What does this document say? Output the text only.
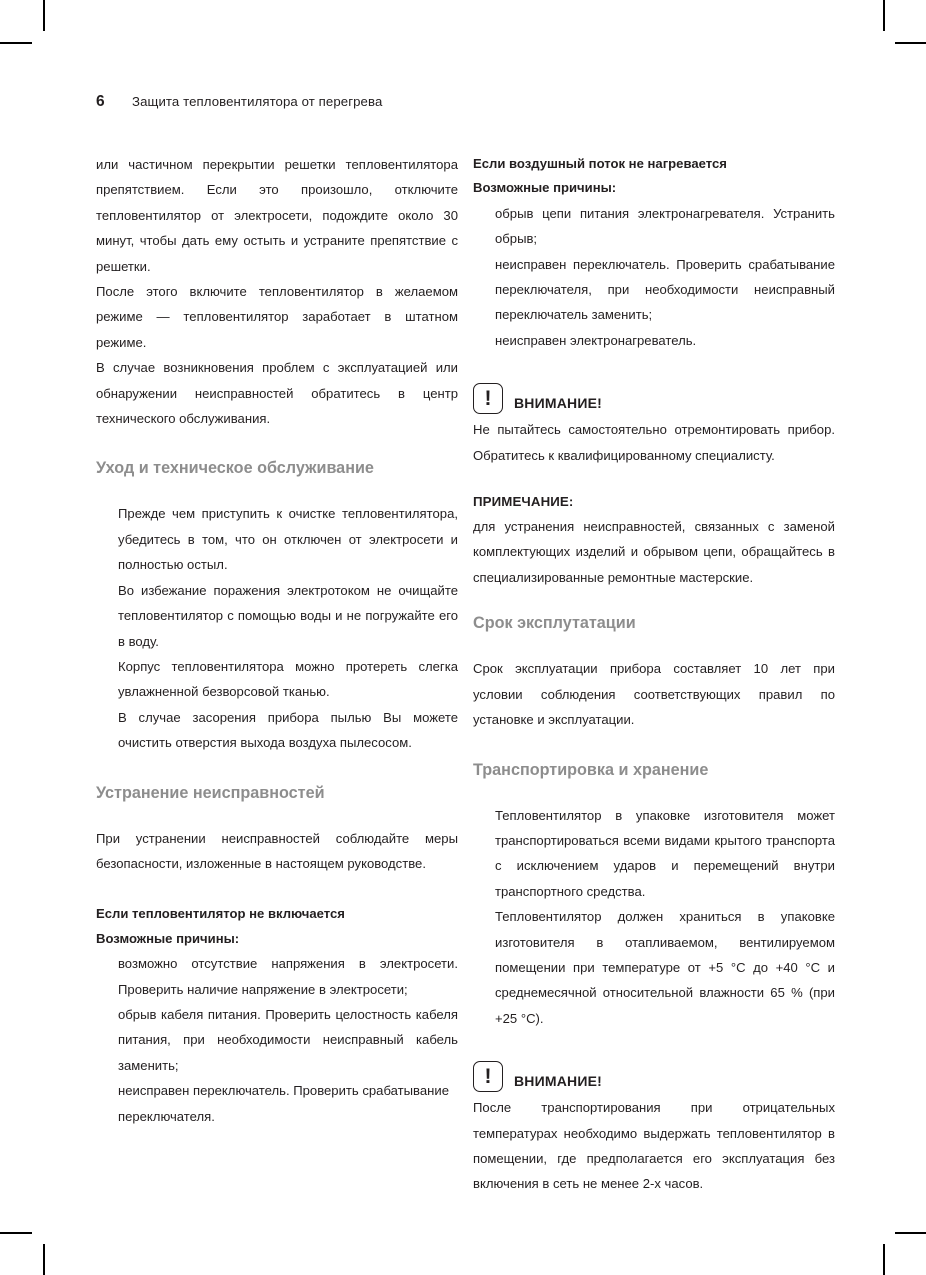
6	Защита тепловентилятора от перегрева

или частичном перекрытии решетки тепловентилятора препятствием. Если это произошло, отключите тепловентилятор от электросети, подождите около 30 минут, чтобы дать ему остыть и устраните препятствие с решетки.

После этого включите тепловентилятор в желаемом режиме — тепловентилятор заработает в штатном режиме.

В случае возникновения проблем с эксплуатацией или обнаружении неисправностей обратитесь в центр технического обслуживания.

Уход и техническое обслуживание

Прежде чем приступить к очистке тепловентилятора, убедитесь в том, что он отключен от электросети и полностью остыл.

Во избежание поражения электротоком не очищайте тепловентилятор с помощью воды и не погружайте его в воду.

Корпус тепловентилятора можно протереть слегка увлажненной безворсовой тканью.

В случае засорения прибора пылью Вы можете очистить отверстия выхода воздуха пылесосом.

Устранение неисправностей

При устранении неисправностей соблюдайте меры безопасности, изложенные в настоящем руководстве.

Если тепловентилятор не включается
Возможные причины:

возможно отсутствие напряжения в электросети. Проверить наличие напряжение в электросети;

обрыв кабеля питания. Проверить целостность кабеля питания, при необходимости неисправный кабель заменить;

неисправен переключатель. Проверить срабатывание переключателя.

Если воздушный поток не нагревается
Возможные причины:

обрыв цепи питания электронагревателя. Устранить обрыв;

неисправен переключатель. Проверить срабатывание переключателя, при необходимости неисправный переключатель заменить;

неисправен электронагреватель.

!	ВНИМАНИЕ!

Не пытайтесь самостоятельно отремонтировать прибор. Обратитесь к квалифицированному специалисту.

ПРИМЕЧАНИЕ:

для устранения неисправностей, связанных с заменой комплектующих изделий и обрывом цепи, обращайтесь в специализированные ремонтные мастерские.

Срок эксплутатации

Срок эксплуатации прибора составляет 10 лет при условии соблюдения соответствующих правил по установке и эксплуатации.

Транспортировка и хранение

Тепловентилятор в упаковке изготовителя может транспортироваться всеми видами крытого транспорта с исключением ударов и перемещений внутри транспортного средства.

Тепловентилятор должен храниться в упаковке изготовителя в отапливаемом, вентилируемом помещении при температуре от +5 °С до +40 °С и среднемесячной относительной влажности 65 % (при +25 °С).

!	ВНИМАНИЕ!

После транспортирования при отрицательных температурах необходимо выдержать тепловентилятор в помещении, где предполагается его эксплуатация без включения в сеть не менее 2-х часов.
